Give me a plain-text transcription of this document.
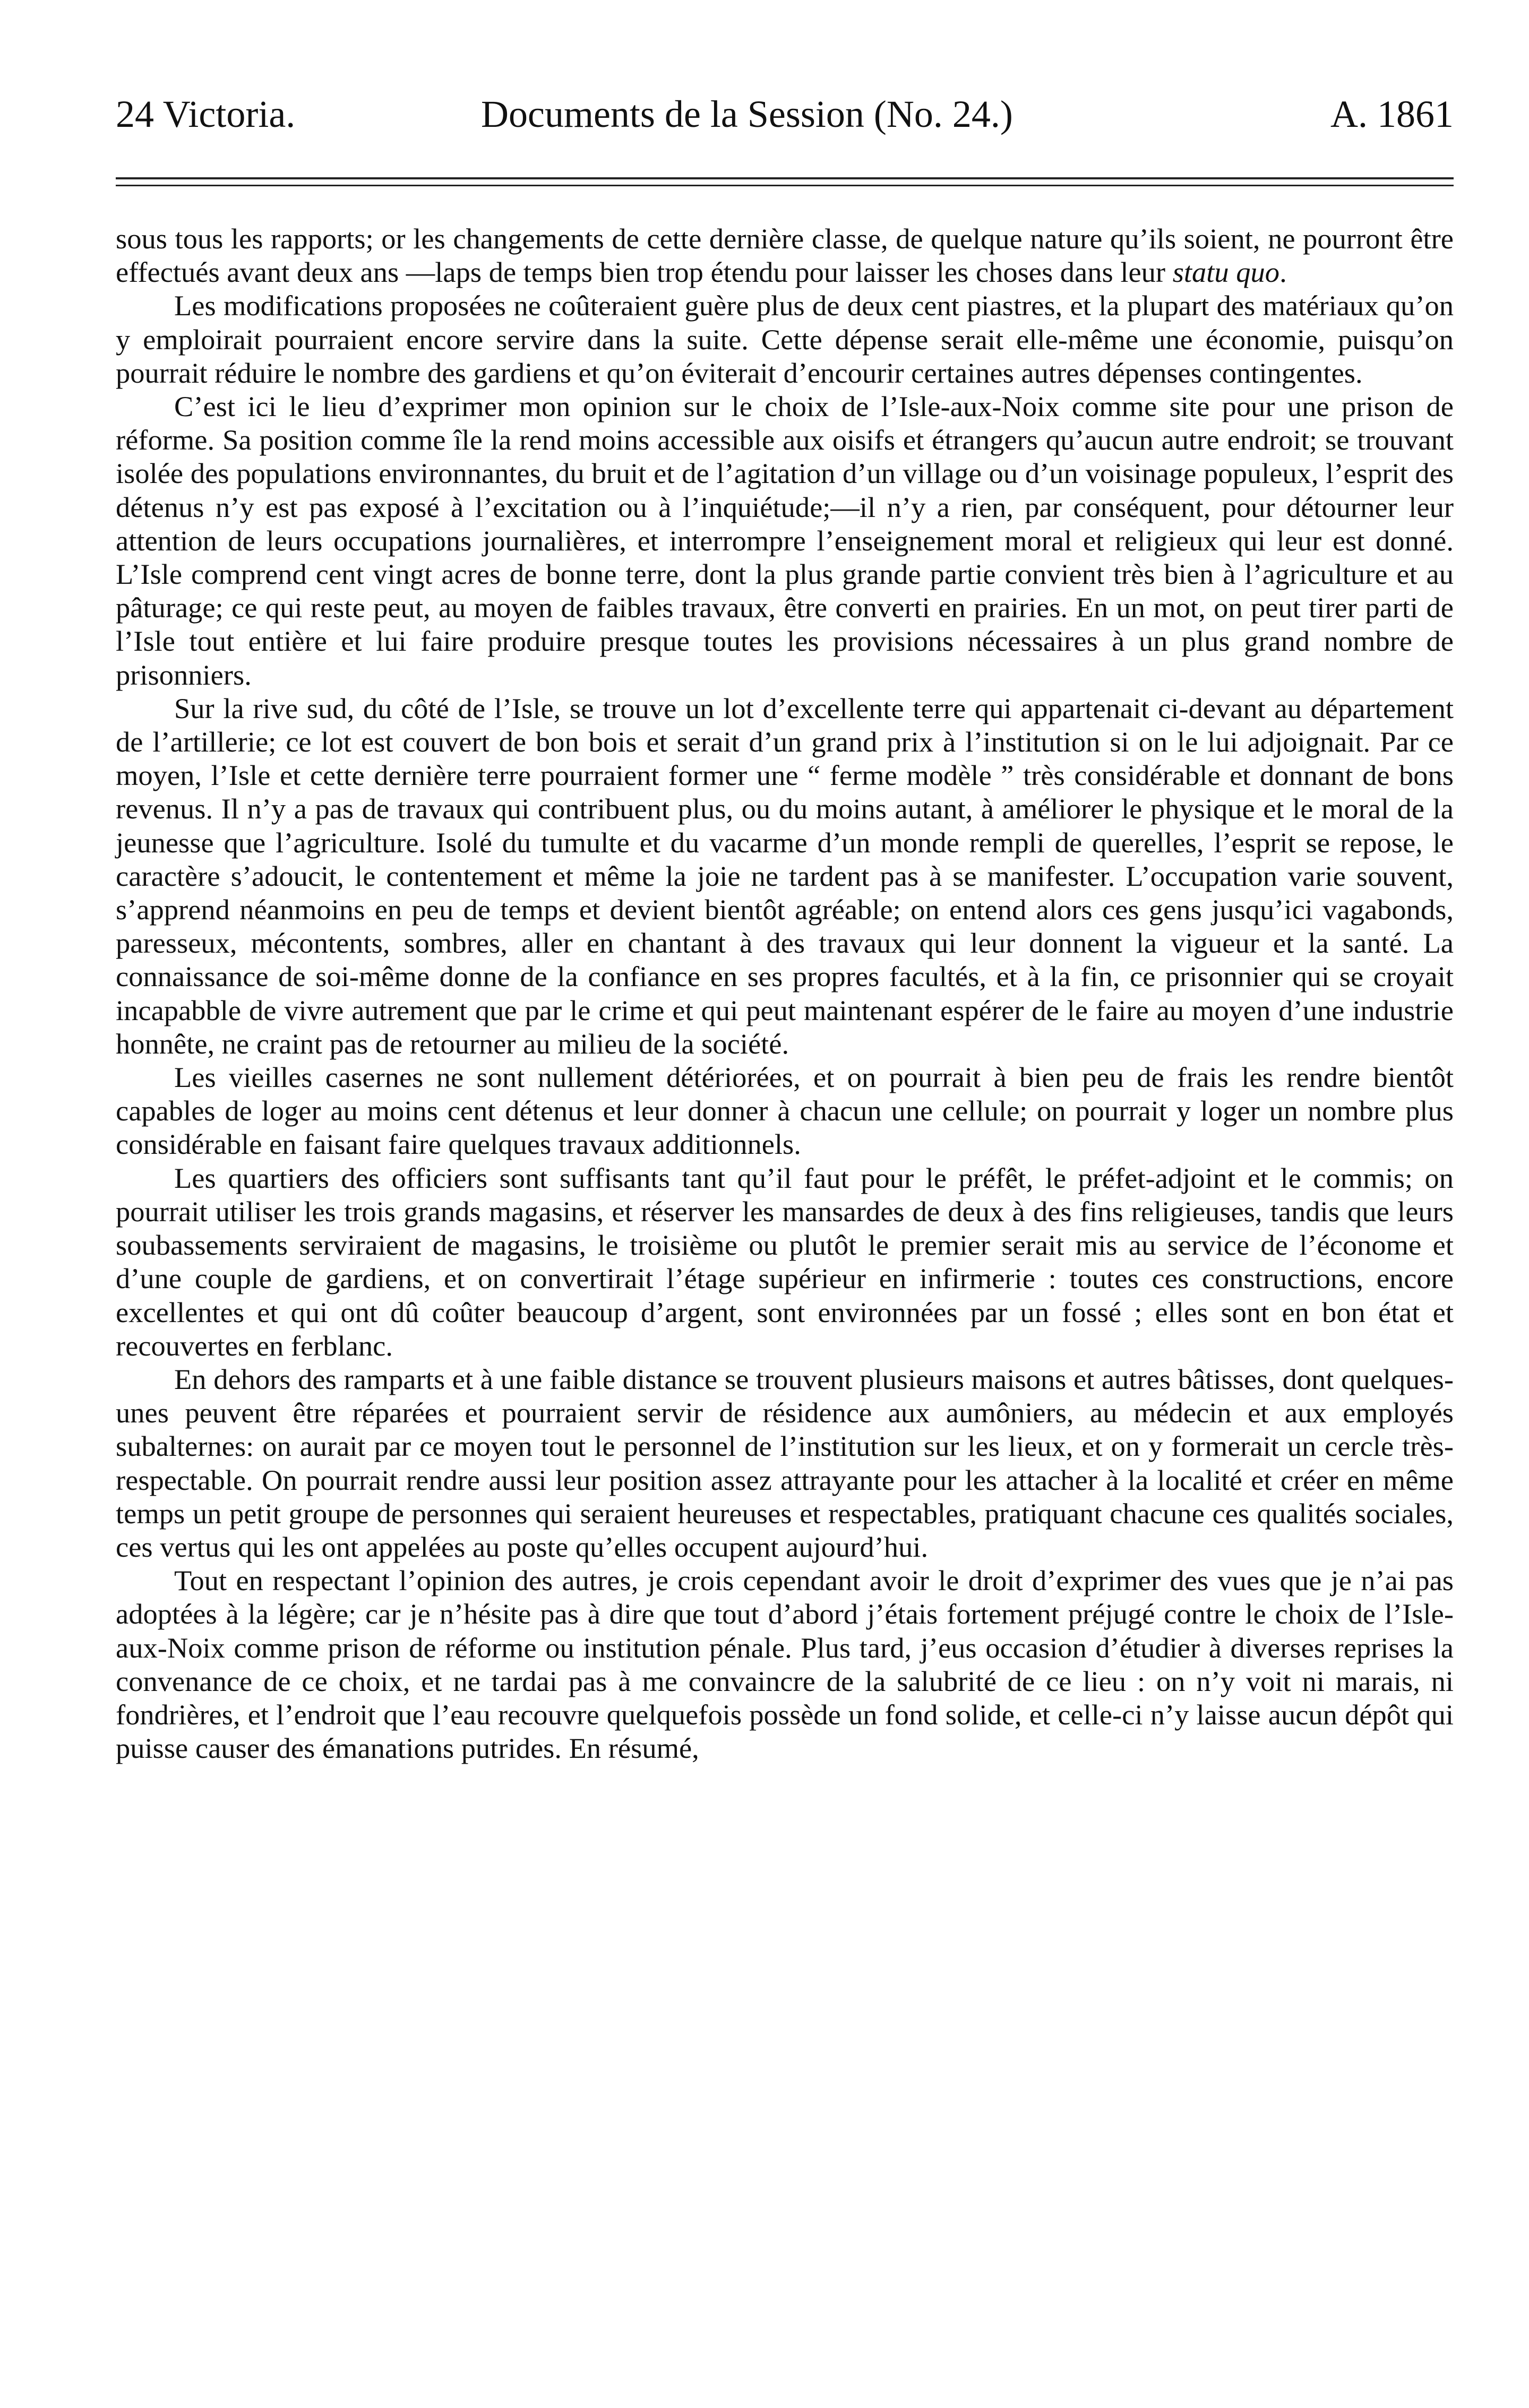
24 Victoria.	Documents de la Session (No. 24.)	A. 1861

sous tous les rapports; or les changements de cette dernière classe, de quelque nature qu’ils soient, ne pourront être effectués avant deux ans —laps de temps bien trop étendu pour laisser les choses dans leur statu quo.

Les modifications proposées ne coûteraient guère plus de deux cent piastres, et la plupart des matériaux qu’on y emploirait pourraient encore servire dans la suite. Cette dépense serait elle-même une économie, puisqu’on pourrait réduire le nombre des gardiens et qu’on éviterait d’encourir certaines autres dépenses contingentes.

C’est ici le lieu d’exprimer mon opinion sur le choix de l’Isle-aux-Noix comme site pour une prison de réforme. Sa position comme île la rend moins accessible aux oisifs et étrangers qu’aucun autre endroit; se trouvant isolée des populations environnantes, du bruit et de l’agitation d’un village ou d’un voisinage populeux, l’esprit des détenus n’y est pas exposé à l’excitation ou à l’inquiétude;—il n’y a rien, par conséquent, pour détourner leur attention de leurs occupations journalières, et interrompre l’enseignement moral et religieux qui leur est donné. L’Isle comprend cent vingt acres de bonne terre, dont la plus grande partie convient très bien à l’agriculture et au pâturage; ce qui reste peut, au moyen de faibles travaux, être converti en prairies. En un mot, on peut tirer parti de l’Isle tout entière et lui faire produire presque toutes les provisions nécessaires à un plus grand nombre de prisonniers.

Sur la rive sud, du côté de l’Isle, se trouve un lot d’excellente terre qui appartenait ci-devant au département de l’artillerie; ce lot est couvert de bon bois et serait d’un grand prix à l’institution si on le lui adjoignait. Par ce moyen, l’Isle et cette dernière terre pourraient former une “ ferme modèle ” très considérable et donnant de bons revenus. Il n’y a pas de travaux qui contribuent plus, ou du moins autant, à améliorer le physique et le moral de la jeunesse que l’agriculture. Isolé du tumulte et du vacarme d’un monde rempli de querelles, l’esprit se repose, le caractère s’adoucit, le contentement et même la joie ne tardent pas à se manifester. L’occupation varie souvent, s’apprend néanmoins en peu de temps et devient bientôt agréable; on entend alors ces gens jusqu’ici vagabonds, paresseux, mécontents, sombres, aller en chantant à des travaux qui leur donnent la vigueur et la santé. La connaissance de soi-même donne de la confiance en ses propres facultés, et à la fin, ce prisonnier qui se croyait incapabble de vivre autrement que par le crime et qui peut maintenant espérer de le faire au moyen d’une industrie honnête, ne craint pas de retourner au milieu de la société.

Les vieilles casernes ne sont nullement détériorées, et on pourrait à bien peu de frais les rendre bientôt capables de loger au moins cent détenus et leur donner à chacun une cellule; on pourrait y loger un nombre plus considérable en faisant faire quelques travaux additionnels.

Les quartiers des officiers sont suffisants tant qu’il faut pour le préfêt, le préfet-adjoint et le commis; on pourrait utiliser les trois grands magasins, et réserver les mansardes de deux à des fins religieuses, tandis que leurs soubassements serviraient de magasins, le troisième ou plutôt le premier serait mis au service de l’économe et d’une couple de gardiens, et on convertirait l’étage supérieur en infirmerie : toutes ces constructions, encore excellentes et qui ont dû coûter beaucoup d’argent, sont environnées par un fossé ; elles sont en bon état et recouvertes en ferblanc.

En dehors des ramparts et à une faible distance se trouvent plusieurs maisons et autres bâtisses, dont quelques-unes peuvent être réparées et pourraient servir de résidence aux aumôniers, au médecin et aux employés subalternes: on aurait par ce moyen tout le personnel de l’institution sur les lieux, et on y formerait un cercle très-respectable. On pourrait rendre aussi leur position assez attrayante pour les attacher à la localité et créer en même temps un petit groupe de personnes qui seraient heureuses et respectables, pratiquant chacune ces qualités sociales, ces vertus qui les ont appelées au poste qu’elles occupent aujourd’hui.

Tout en respectant l’opinion des autres, je crois cependant avoir le droit d’exprimer des vues que je n’ai pas adoptées à la légère; car je n’hésite pas à dire que tout d’abord j’étais fortement préjugé contre le choix de l’Isle-aux-Noix comme prison de réforme ou institution pénale. Plus tard, j’eus occasion d’étudier à diverses reprises la convenance de ce choix, et ne tardai pas à me convaincre de la salubrité de ce lieu : on n’y voit ni marais, ni fondrières, et l’endroit que l’eau recouvre quelquefois possède un fond solide, et celle-ci n’y laisse aucun dépôt qui puisse causer des émanations putrides. En résumé,
